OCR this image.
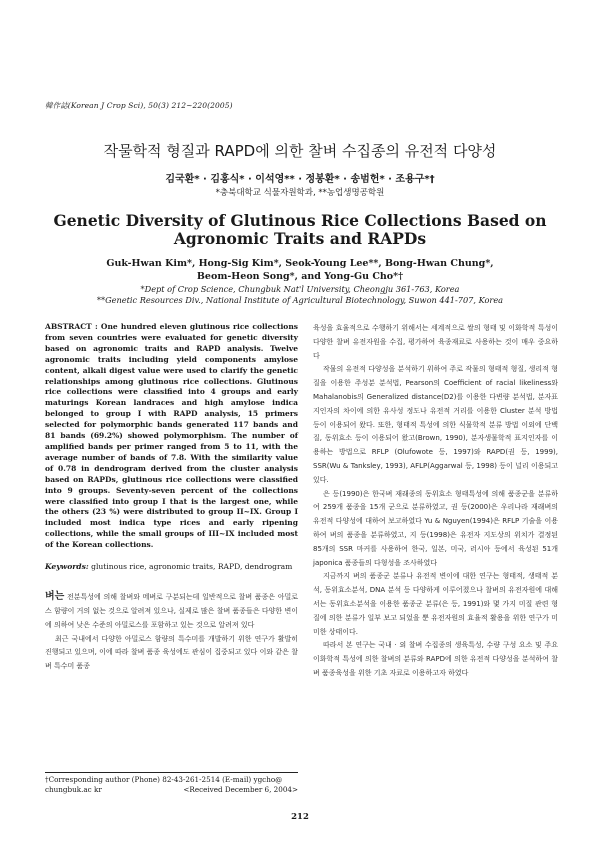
韓作誌(Korean J Crop Sci), 50(3) 212~220(2005)
작물학적 형질과 RAPD에 의한 찰벼 수집종의 유전적 다양성
김국환* · 김홍식* · 이석영** · 정봉환* · 송범헌* · 조용구*†
*충북대학교 식물자원학과, **농업생명공학원
Genetic Diversity of Glutinous Rice Collections Based on
Agronomic Traits and RAPDs
Guk-Hwan Kim*, Hong-Sig Kim*, Seok-Young Lee**, Bong-Hwan Chung*,
Beom-Heon Song*, and Yong-Gu Cho*†
*Dept of Crop Science, Chungbuk Nat'l University, Cheongju 361-763, Korea
**Genetic Resources Div., National Institute of Agricultural Biotechnology, Suwon 441-707, Korea
ABSTRACT : One hundred eleven glutinous rice collections from seven countries were evaluated for genetic diversity based on agronomic traits and RAPD analysis. Twelve agronomic traits including yield components amylose content, alkali digest value were used to clarify the genetic relationships among glutinous rice collections. Glutinous rice collections were classified into 4 groups and early maturings Korean landraces and high amylose indica belonged to group I with RAPD analysis, 15 primers selected for polymorphic bands generated 117 bands and 81 bands (69.2%) showed polymorphism. The number of amplified bands per primer ranged from 5 to 11, with the average number of bands of 7.8. With the similarity value of 0.78 in dendrogram derived from the cluster analysis based on RAPDs, glutinous rice collections were classified into 9 groups. Seventy-seven percent of the collections were classified into group I that is the largest one, while the others (23 %) were distributed to group II~IX. Group I included most indica type rices and early ripening collections, while the small groups of III~IX included most of the Korean collections.
Keywords: glutinous rice, agronomic traits, RAPD, dendrogram

벼는 전분특성에 의해 찰벼와 메벼로 구분되는데 일반적으로 찰벼 품종은 아밀로스 함량이 거의 없는 것으로 알려져 있으나, 실제로 많은 찰벼 품종들은 다양한 변이에 의하여 낮은 수준의 아밀로스를 포함하고 있는 것으로 알려져 있다

최근 국내에서 다양한 아밀로스 함량의 특수미를 개발하기 위한 연구가 활발히 진행되고 있으며, 이에 따라 찰벼 품종 육성에도 관심이 집중되고 있다 이와 같은 찰벼 특수미 품종

†Corresponding author (Phone) 82-43-261-2514 (E-mail) ygcho@
chungbuk.ac kr	<Received December 6, 2004>

육성을 효율적으로 수행하기 위해서는 세계적으로 쌀의 형태 및 이화학적 특성이 다양한 찰벼 유전자원을 수집, 평가하여 육종재료로 사용하는 것이 매우 중요하다

작물의 유전적 다양성을 분석하기 위하여 주로 작물의 형태적 형질, 생리적 형질을 이용한 주성분 분석법, Pearson의 Coefficient of racial likeliness와 Mahalanobis의 Generalized distance(D2)를 이용한 다변량 분석법, 분자표지인자의 차이에 의한 유사성 정도나 유전적 거리를 이용한 Cluster 분석 방법 등이 이용되어 왔다. 또한, 형태적 특성에 의한 식물학적 분류 방법 이외에 단백질, 동위효소 등이 이용되어 왔고(Brown, 1990), 분자생물학적 표지인자를 이용하는 방법으로 RFLP (Olufowote 등, 1997)와 RAPD(권 등, 1999), SSR(Wu & Tanksley, 1993), AFLP(Aggarwal 등, 1998) 등이 널리 이용되고 있다.

은 등(1990)은 한국벼 재래종의 동위효소 형태특성에 의해 품종군을 분류하여 259개 품종을 15개 군으로 분류하였고, 권 등(2000)은 우리나라 재래벼의 유전적 다양성에 대하여 보고하였다 Yu & Nguyen(1994)은 RFLP 기술을 이용하여 벼의 품종을 분류하였고, 지 등(1998)은 유전자 지도상의 위치가 결정된 85개의 SSR 마커를 사용하여 한국, 일본, 미국, 러시아 등에서 육성된 51개 japonica 품종들의 다형성을 조사하였다

지금까지 벼의 품종군 분류나 유전적 변이에 대한 연구는 형태적, 생태적 분석, 동위효소분석, DNA 분석 등 다양하게 이루어졌으나 찰벼의 유전자원에 대해서는 동위효소분석을 이용한 품종군 분류(은 등, 1991)와 몇 가지 미질 관련 형질에 의한 분류가 일부 보고 되었을 뿐 유전자원의 효율적 활용을 위한 연구가 미미한 상태이다.

따라서 본 연구는 국내 · 외 찰벼 수집종의 생육특성, 수량 구성 요소 및 주요 이화학적 특성에 의한 찰벼의 분류와 RAPD에 의한 유전적 다양성을 분석하여 찰벼 품종육성을 위한 기초 자료로 이용하고자 하였다

212
